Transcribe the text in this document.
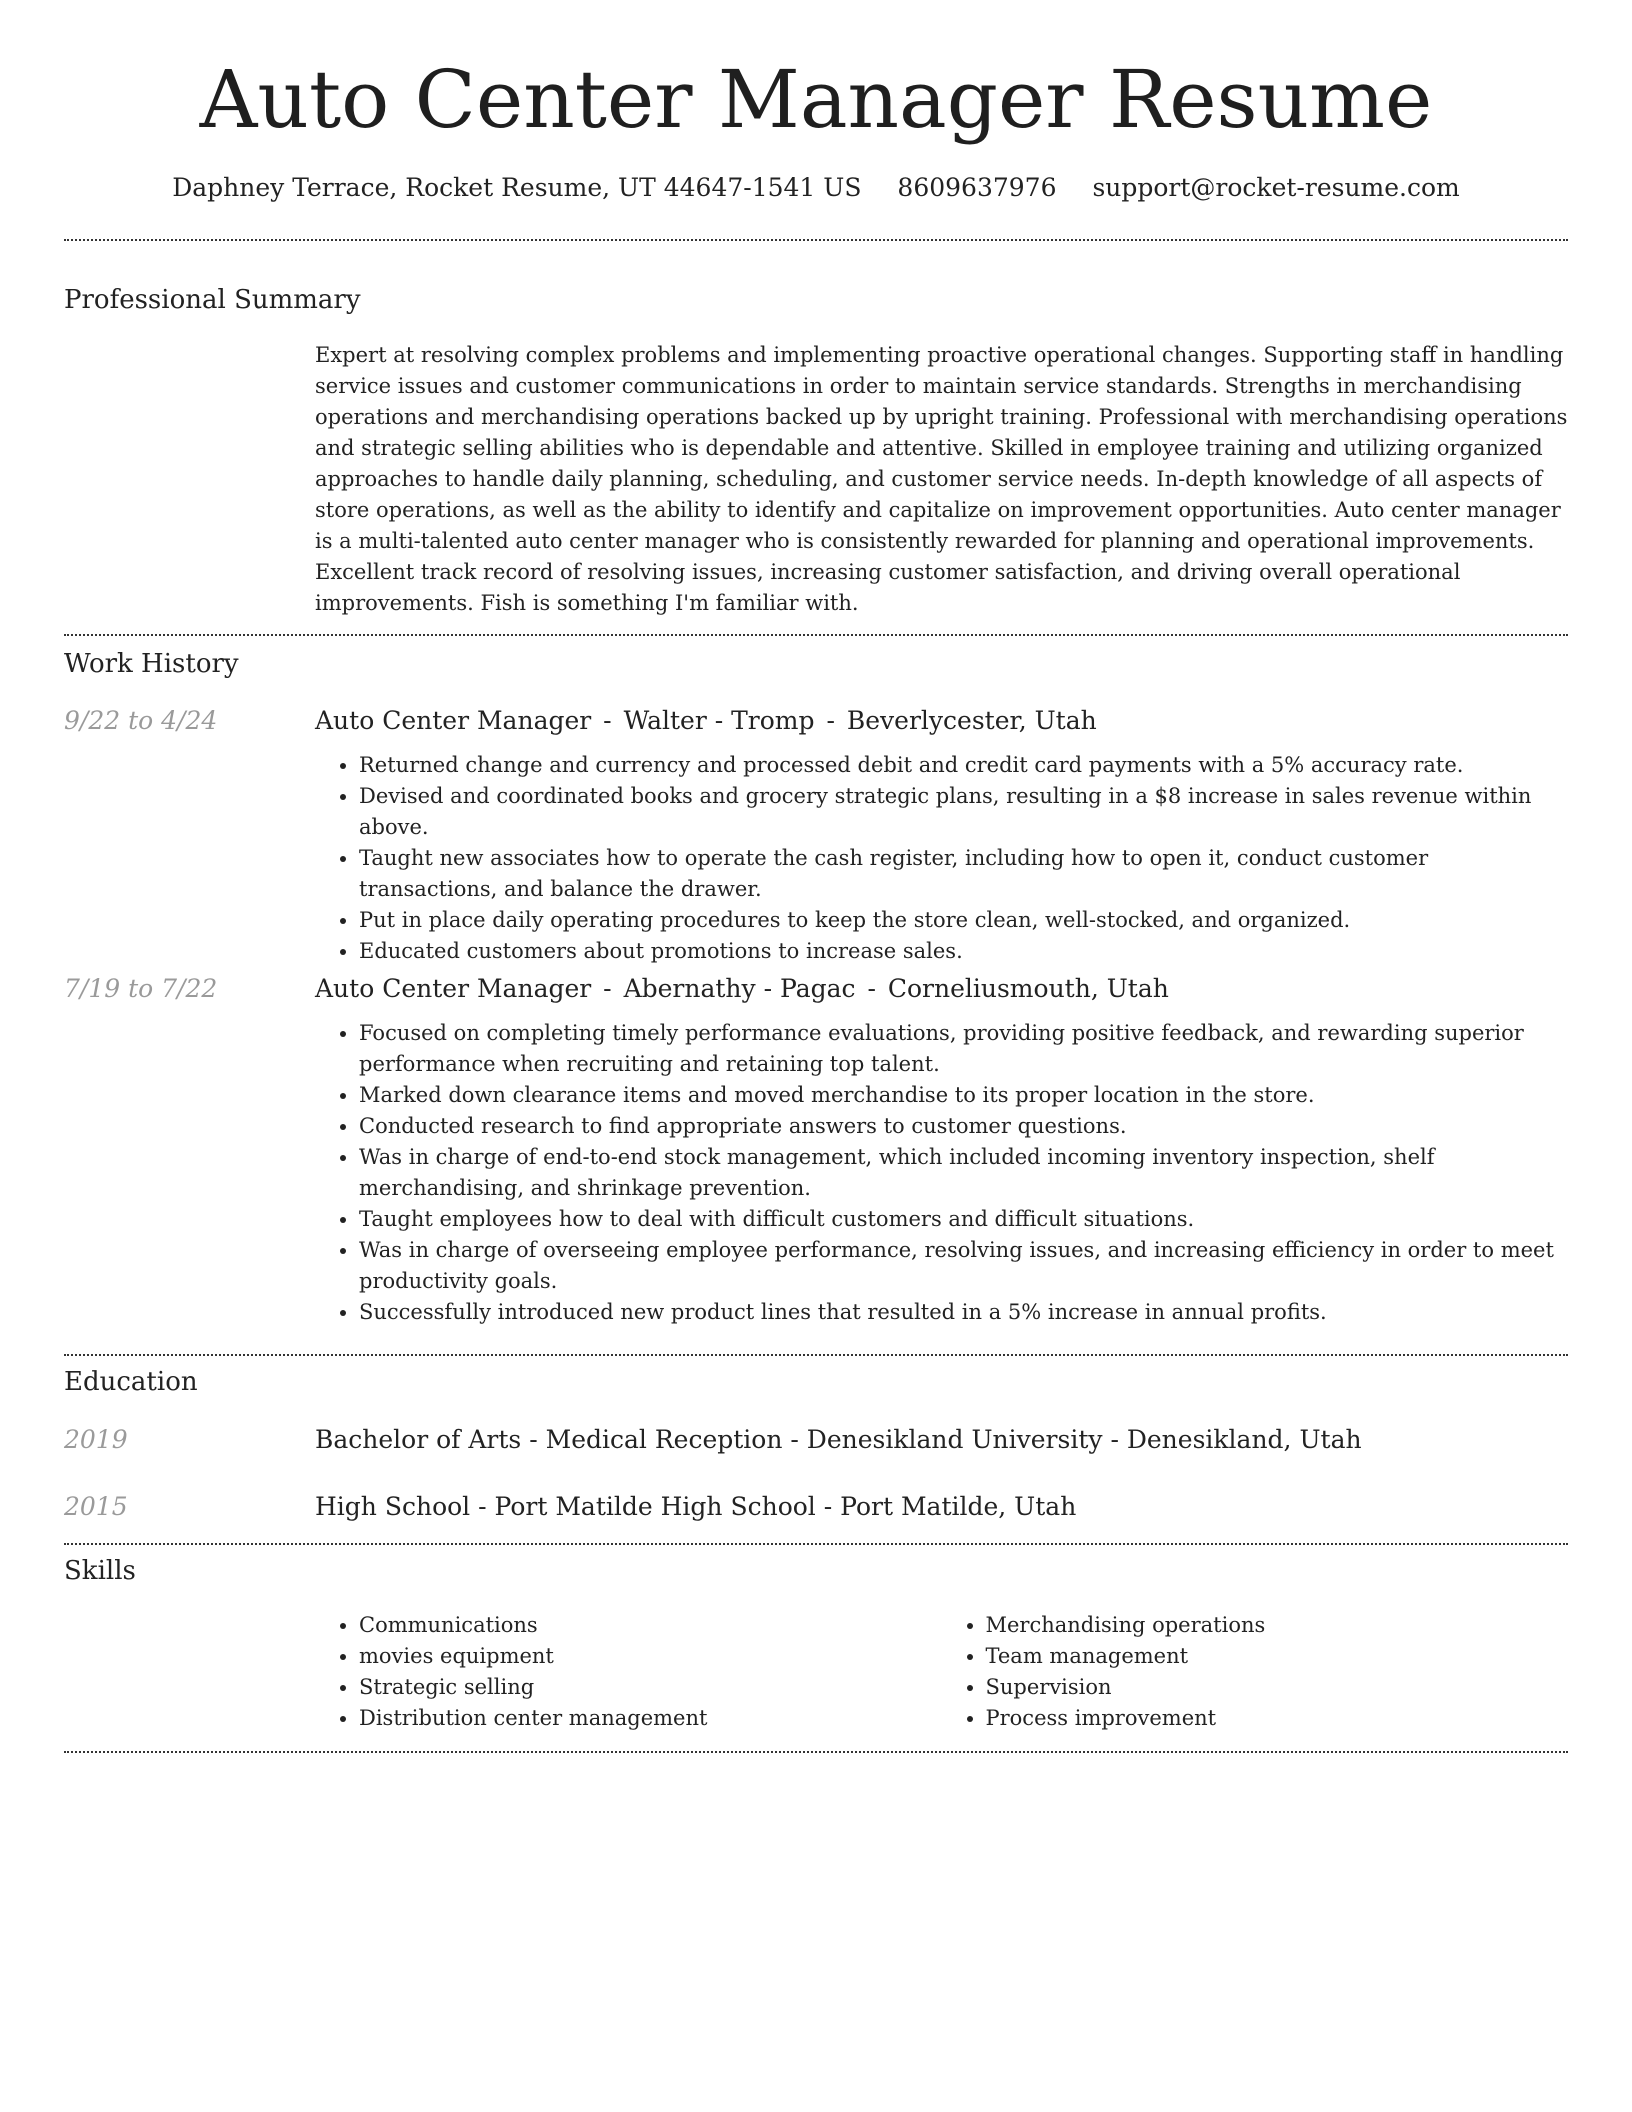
Auto Center Manager Resume
Daphney Terrace, Rocket Resume, UT 44647-1541 US 8609637976 support@rocket-resume.com
Professional Summary

Expert at resolving complex problems and implementing proactive operational changes. Supporting staff in handling service issues and customer communications in order to maintain service standards. Strengths in merchandising operations and merchandising operations backed up by upright training. Professional with merchandising operations and strategic selling abilities who is dependable and attentive. Skilled in employee training and utilizing organized approaches to handle daily planning, scheduling, and customer service needs. In-depth knowledge of all aspects of store operations, as well as the ability to identify and capitalize on improvement opportunities. Auto center manager is a multi-talented auto center manager who is consistently rewarded for planning and operational improvements. Excellent track record of resolving issues, increasing customer satisfaction, and driving overall operational improvements. Fish is something I'm familiar with.

Work History
9/22 to 4/24	Auto Center Manager - Walter - Tromp - Beverlycester, Utah

• Returned change and currency and processed debit and credit card payments with a 5% accuracy rate.
• Devised and coordinated books and grocery strategic plans, resulting in a $8 increase in sales revenue within above.
• Taught new associates how to operate the cash register, including how to open it, conduct customer transactions, and balance the drawer.
• Put in place daily operating procedures to keep the store clean, well-stocked, and organized.
• Educated customers about promotions to increase sales.
7/19 to 7/22	Auto Center Manager - Abernathy - Pagac - Corneliusmouth, Utah

• Focused on completing timely performance evaluations, providing positive feedback, and rewarding superior performance when recruiting and retaining top talent.
• Marked down clearance items and moved merchandise to its proper location in the store.
• Conducted research to find appropriate answers to customer questions.
• Was in charge of end-to-end stock management, which included incoming inventory inspection, shelf merchandising, and shrinkage prevention.
• Taught employees how to deal with difficult customers and difficult situations.
• Was in charge of overseeing employee performance, resolving issues, and increasing efficiency in order to meet productivity goals.
• Successfully introduced new product lines that resulted in a 5% increase in annual profits.
Education
2019	Bachelor of Arts - Medical Reception - Denesikland University - Denesikland, Utah

2015	High School - Port Matilde High School - Port Matilde, Utah

Skills
• Communications
• movies equipment
• Strategic selling
• Distribution center management
• Merchandising operations
• Team management
• Supervision
• Process improvement
